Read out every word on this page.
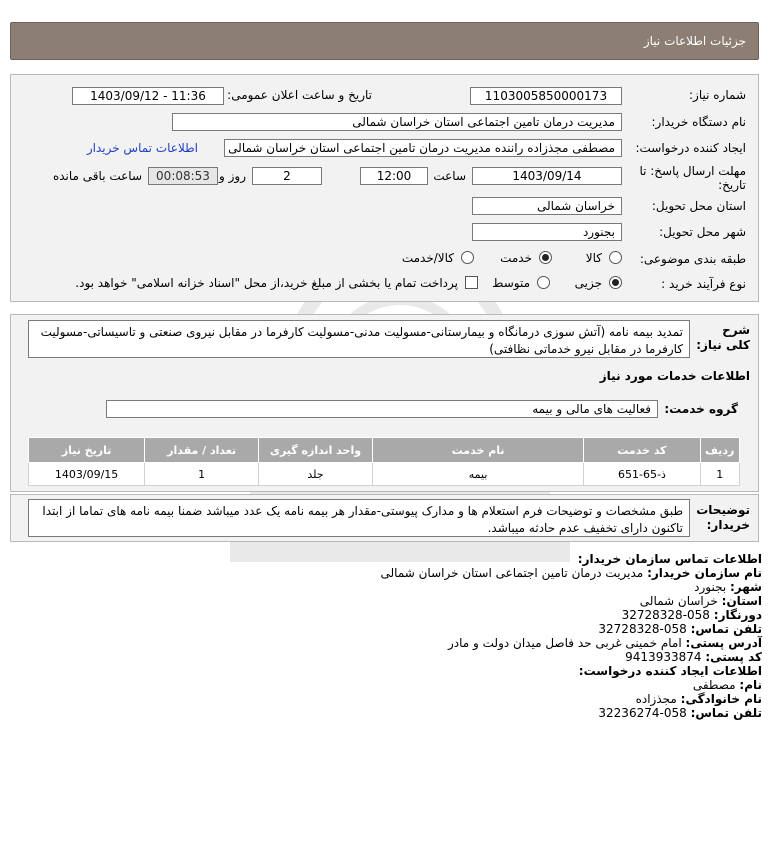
جزئیات اطلاعات نیاز
شماره نیاز:
1103005850000173
تاریخ و ساعت اعلان عمومی:
1403/09/12 - 11:36
نام دستگاه خریدار:
مدیریت درمان تامین اجتماعی استان خراسان شمالی
ایجاد کننده درخواست:
مصطفی مجذزاده راننده مدیریت درمان تامین اجتماعی استان خراسان شمالی
اطلاعات تماس خریدار
مهلت ارسال پاسخ: تا تاریخ:
1403/09/14
ساعت
12:00
2
روز و
00:08:53
ساعت باقی مانده
استان محل تحویل:
خراسان شمالی
شهر محل تحویل:
بجنورد
طبقه بندی موضوعی:
کالا
خدمت
کالا/خدمت
نوع فرآیند خرید :
جزیی
متوسط
پرداخت تمام یا بخشی از مبلغ خرید،از محل "اسناد خزانه اسلامی" خواهد بود.
شرح کلی نیاز:
تمدید بیمه نامه (آتش سوزی درمانگاه و بیمارستانی-مسولیت مدنی-مسولیت کارفرما در مقابل نیروی صنعتی و تاسیساتی-مسولیت کارفرما در مقابل نیرو خدماتی نظافتی)
اطلاعات خدمات مورد نیاز
گروه خدمت:
فعالیت های مالی و بیمه
ردیف	کد خدمت	نام خدمت	واحد اندازه گیری	تعداد / مقدار	تاریخ نیاز
1	ذ-65-651	بیمه	جلد	1	1403/09/15
توضیحات خریدار:
طبق مشخصات و توضیحات فرم استعلام ها و مدارک پیوستی-مقدار هر بیمه نامه یک عدد میباشد ضمنا بیمه نامه های تماما از ابتدا تاکنون دارای تخفیف عدم حادثه میباشد.
اطلاعات تماس سازمان خریدار:
نام سازمان خریدار: مدیریت درمان تامین اجتماعی استان خراسان شمالی
شهر: بجنورد
استان: خراسان شمالی
دورنگار: 058-32728328
تلفن تماس: 058-32728328
آدرس پستی: امام خمینی غربی حد فاصل میدان دولت و مادر
کد پستی: 9413933874
اطلاعات ایجاد کننده درخواست:
نام: مصطفی
نام خانوادگی: مجذزاده
تلفن تماس: 058-32236274
